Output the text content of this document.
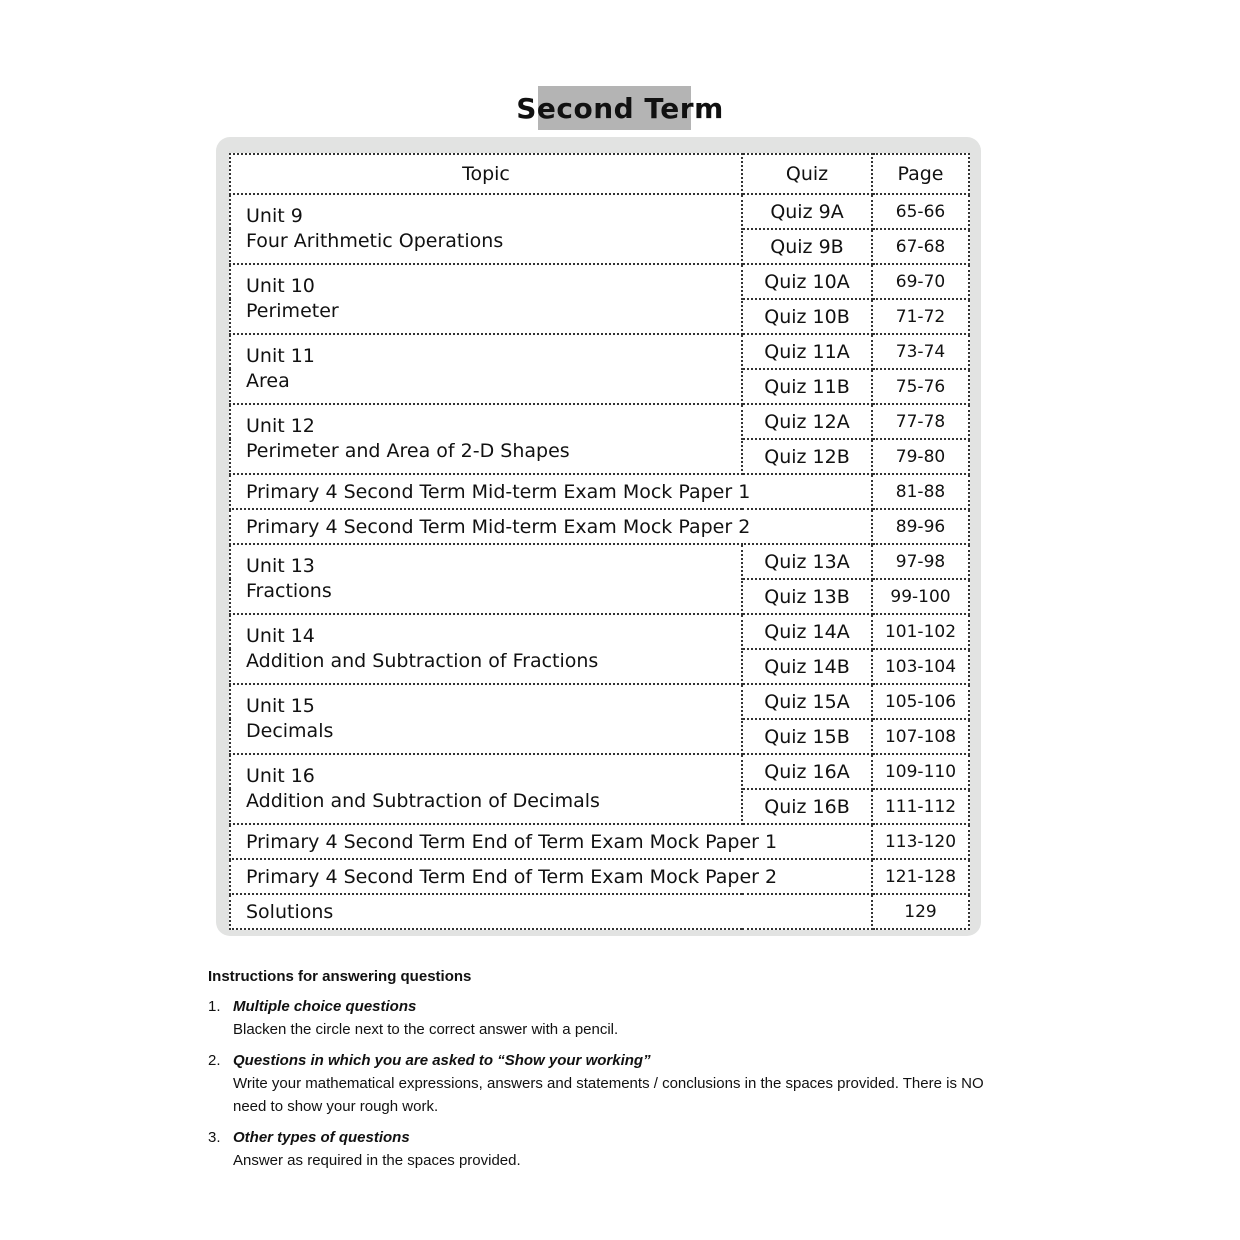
Second Term
Topic	Quiz	Page

Unit 9
Four Arithmetic Operations	Quiz 9A	65-66
	Quiz 9B	67-68

Unit 10
Perimeter	Quiz 10A	69-70
	Quiz 10B	71-72

Unit 11
Area	Quiz 11A	73-74
	Quiz 11B	75-76

Unit 12
Perimeter and Area of 2-D Shapes	Quiz 12A	77-78
	Quiz 12B	79-80
Primary 4 Second Term Mid-term Exam Mock Paper 1		81-88
Primary 4 Second Term Mid-term Exam Mock Paper 2		89-96

Unit 13
Fractions	Quiz 13A	97-98
	Quiz 13B	99-100

Unit 14
Addition and Subtraction of Fractions	Quiz 14A	101-102
	Quiz 14B	103-104

Unit 15
Decimals	Quiz 15A	105-106
	Quiz 15B	107-108

Unit 16
Addition and Subtraction of Decimals	Quiz 16A	109-110
	Quiz 16B	111-112
Primary 4 Second Term End of Term Exam Mock Paper 1		113-120
Primary 4 Second Term End of Term Exam Mock Paper 2		121-128
Solutions		129
Instructions for answering questions
1. Multiple choice questions
Blacken the circle next to the correct answer with a pencil.
2. Questions in which you are asked to “Show your working”
Write your mathematical expressions, answers and statements / conclusions in the spaces provided. There is NO need to show your rough work.
3. Other types of questions
Answer as required in the spaces provided.
